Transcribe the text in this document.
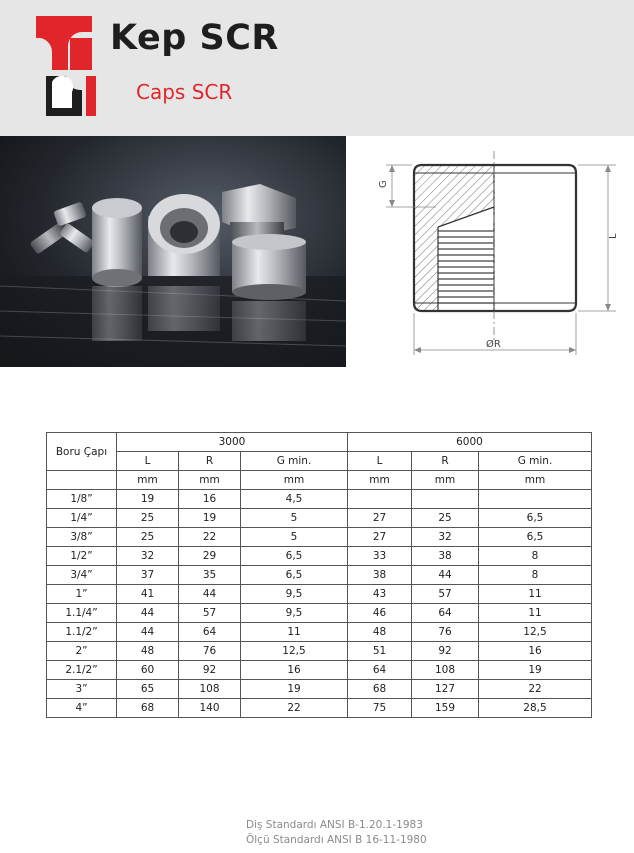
Kep SCR
Caps SCR
G
L
ØR
Boru Çapı	3000			6000		
	L	R	G min.	L	R	G min.
	mm	mm	mm	mm	mm	mm
1/8”	19	16	4,5			
1/4”	25	19	5	27	25	6,5
3/8”	25	22	5	27	32	6,5
1/2”	32	29	6,5	33	38	8
3/4”	37	35	6,5	38	44	8
1”	41	44	9,5	43	57	11
1.1/4”	44	57	9,5	46	64	11
1.1/2”	44	64	11	48	76	12,5
2”	48	76	12,5	51	92	16
2.1/2”	60	92	16	64	108	19
3”	65	108	19	68	127	22
4”	68	140	22	75	159	28,5
Diş Standardı ANSI B-1.20.1-1983
Ölçü Standardı ANSI B 16-11-1980
